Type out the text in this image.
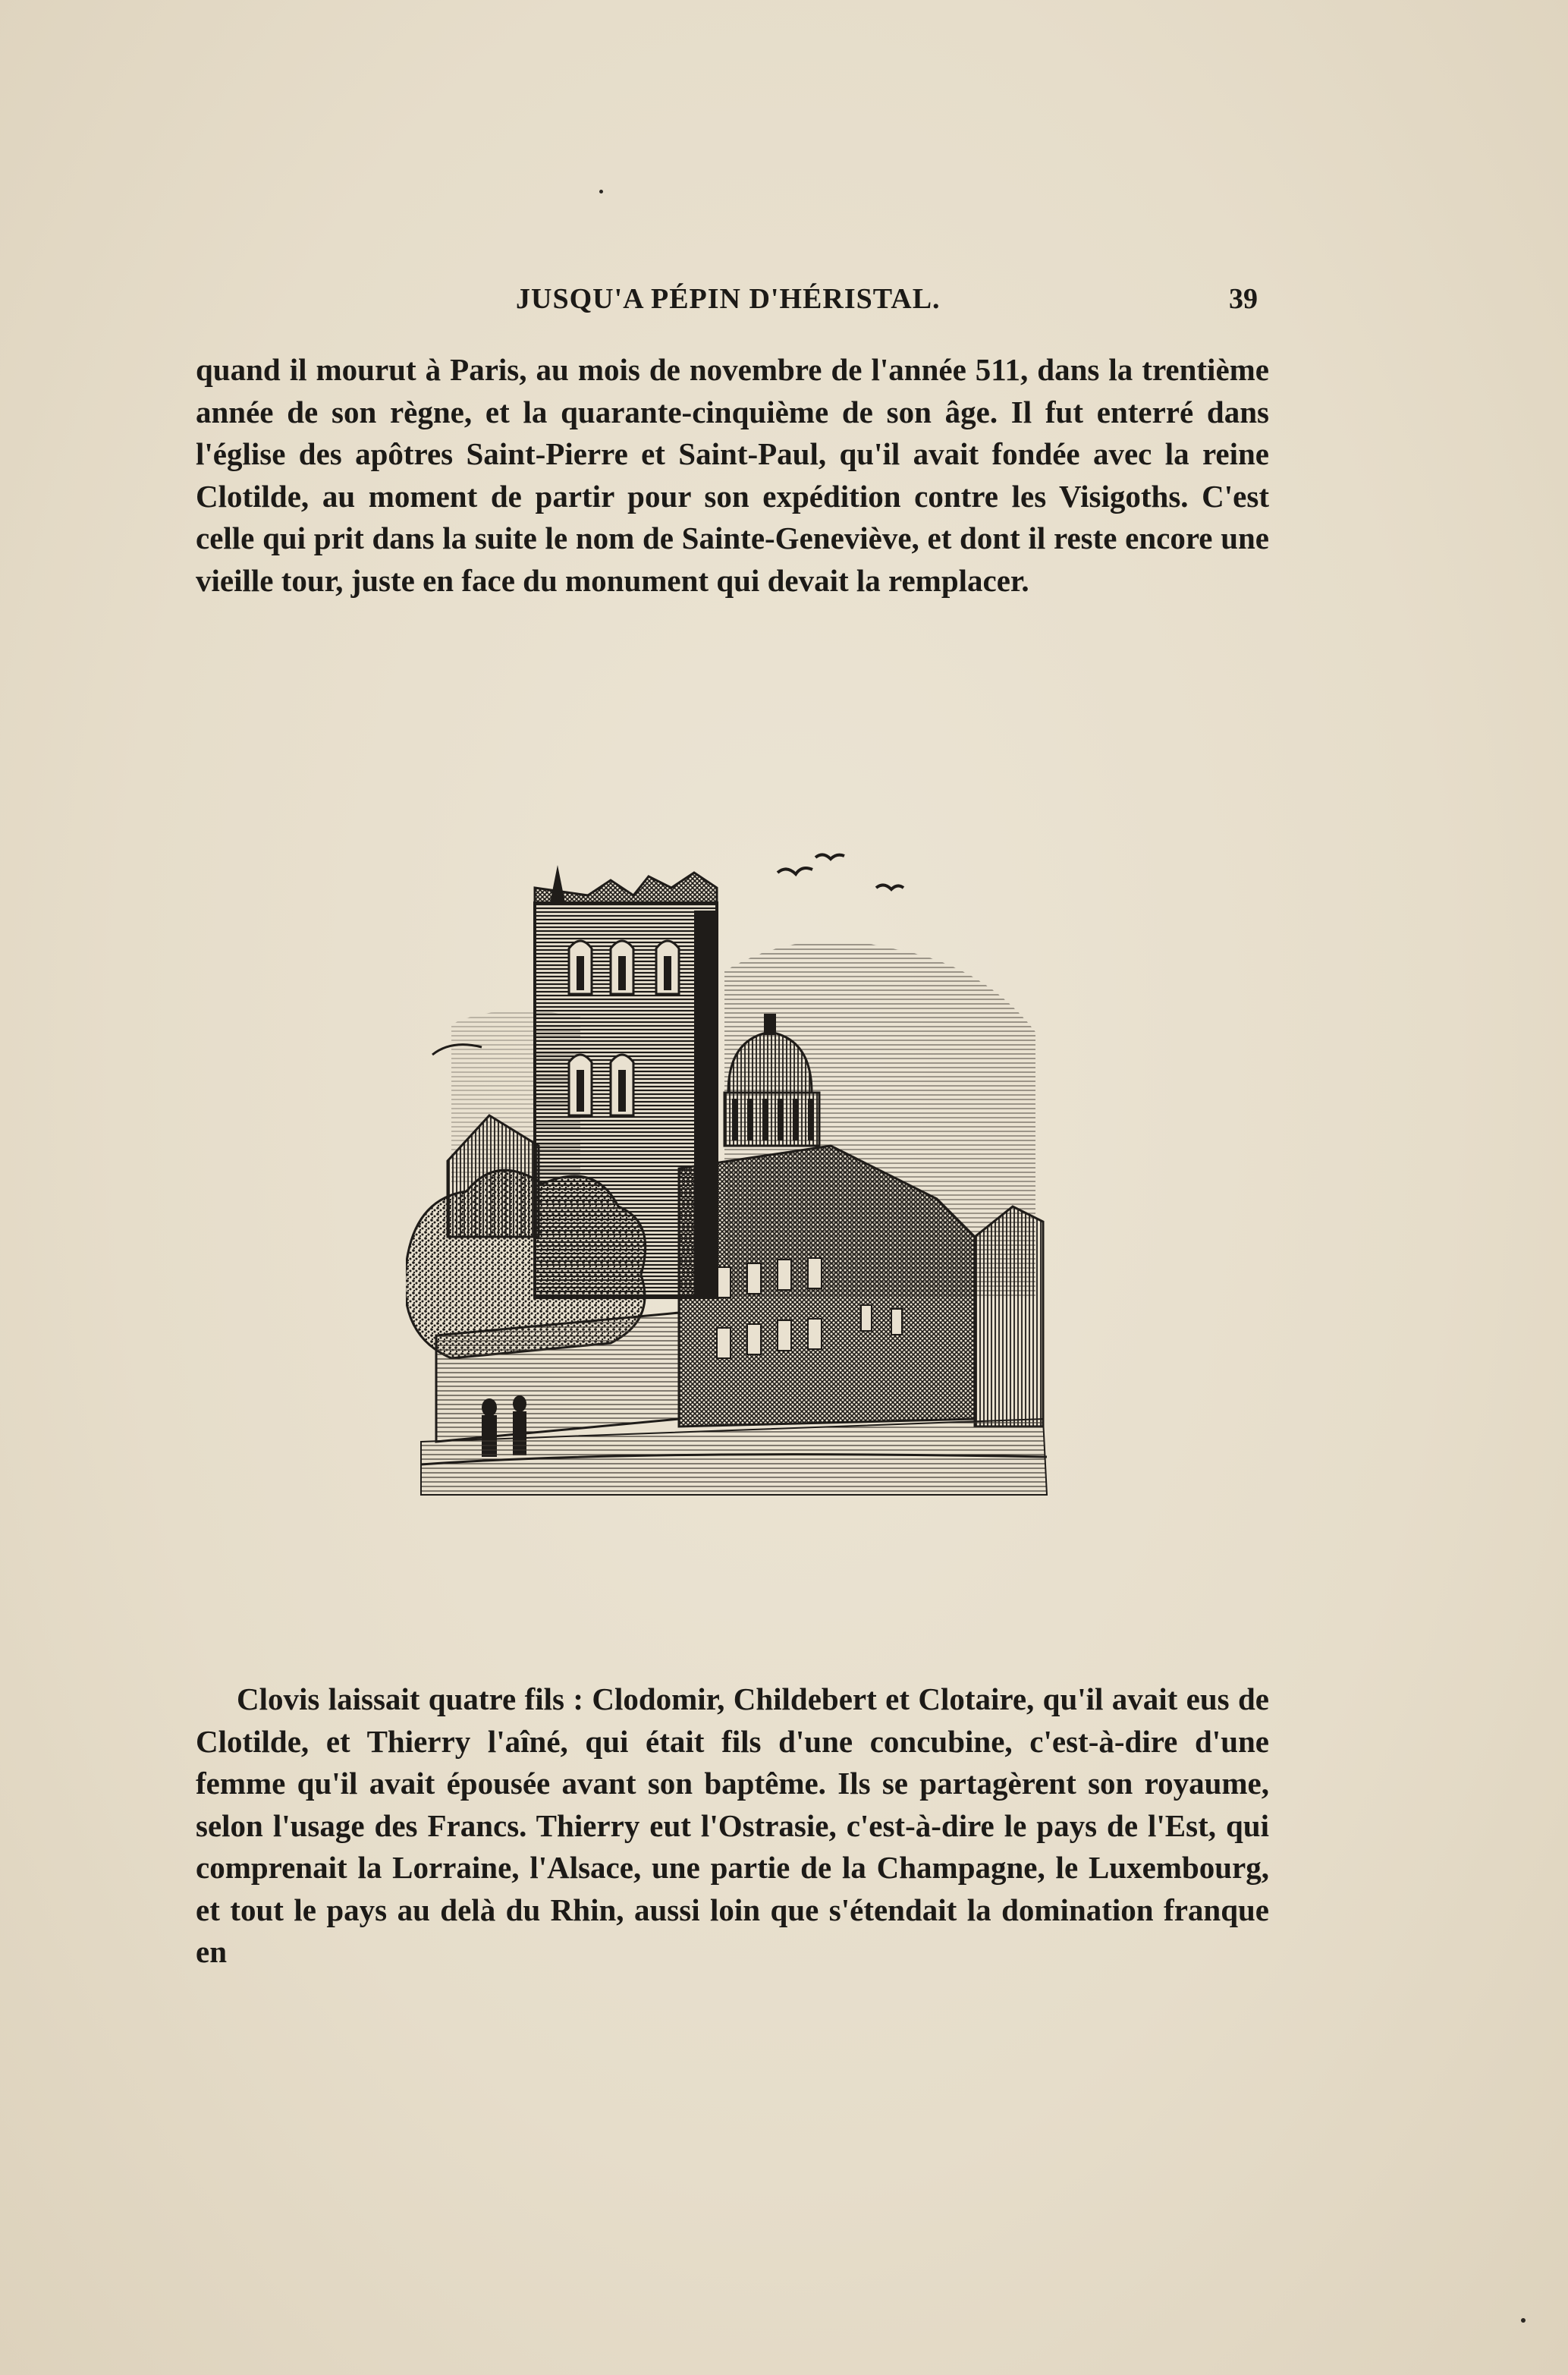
JUSQU'A PÉPIN D'HÉRISTAL.	39

quand il mourut à Paris, au mois de novembre de l'année 511, dans la trentième année de son règne, et la quarante-cinquième de son âge. Il fut enterré dans l'église des apôtres Saint-Pierre et Saint-Paul, qu'il avait fondée avec la reine Clotilde, au moment de partir pour son expédition contre les Visigoths. C'est celle qui prit dans la suite le nom de Sainte-Geneviève, et dont il reste encore une vieille tour, juste en face du monument qui devait la remplacer.

Clovis laissait quatre fils : Clodomir, Childebert et Clotaire, qu'il avait eus de Clotilde, et Thierry l'aîné, qui était fils d'une concubine, c'est-à-dire d'une femme qu'il avait épousée avant son baptême. Ils se partagèrent son royaume, selon l'usage des Francs. Thierry eut l'Ostrasie, c'est-à-dire le pays de l'Est, qui comprenait la Lorraine, l'Alsace, une partie de la Champagne, le Luxembourg, et tout le pays au delà du Rhin, aussi loin que s'étendait la domination franque en
